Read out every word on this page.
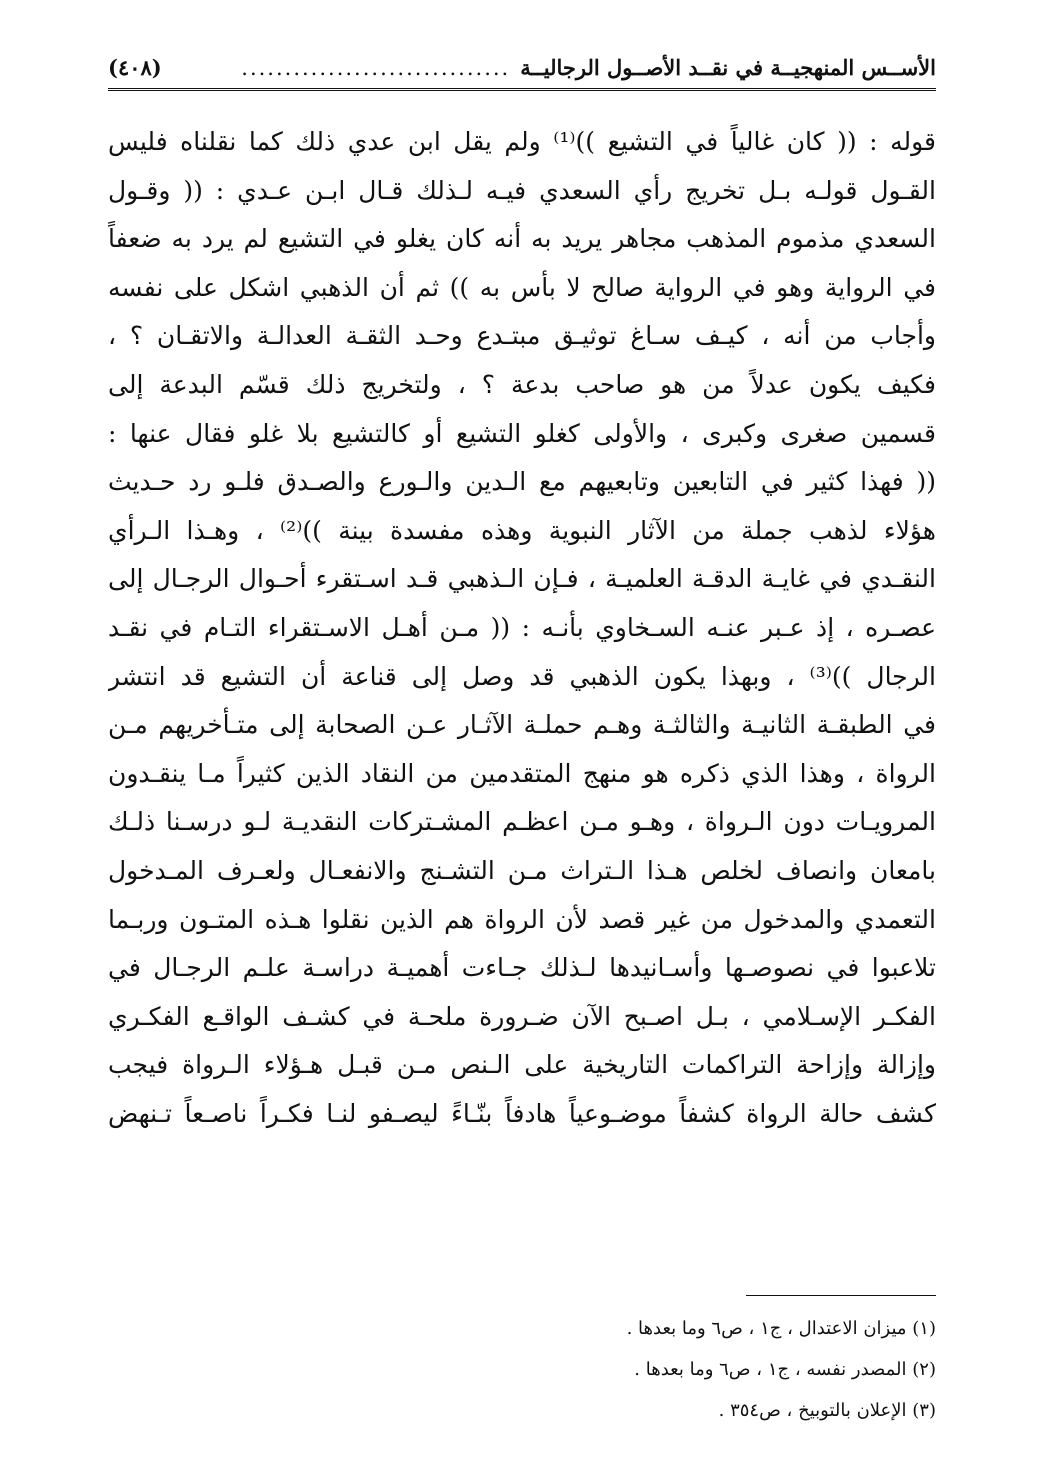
الأســس المنهجيــة في نقــد الأصــول الرجاليــة
...............................
(٤٠٨)
قوله : (( كان غالياً في التشيع ))⁽¹⁾ ولم يقل ابن عدي ذلك كما نقلناه فليس
القـول قولـه بـل تخريج رأي السعدي فيـه لـذلك قـال ابـن عـدي : (( وقـول
السعدي مذموم المذهب مجاهر يريد به أنه كان يغلو في التشيع لم يرد به ضعفاً
في الرواية وهو في الرواية صالح لا بأس به )) ثم أن الذهبي اشكل على نفسه
وأجاب من أنه ، كيـف سـاغ توثيـق مبتـدع وحـد الثقـة العدالـة والاتقـان ؟ ،
فكيف يكون عدلاً من هو صاحب بدعة ؟ ، ولتخريج ذلك قسّم البدعة إلى
قسمين صغرى وكبرى ، والأولى كغلو التشيع أو كالتشيع بلا غلو فقال عنها :
(( فهذا كثير في التابعين وتابعيهم مع الـدين والـورع والصـدق فلـو رد حـديث
هؤلاء لذهب جملة من الآثار النبوية وهذه مفسدة بينة ))⁽²⁾ ، وهـذا الـرأي
النقـدي في غايـة الدقـة العلميـة ، فـإن الـذهبي قـد اسـتقرء أحـوال الرجـال إلى
عصـره ، إذ عـبر عنـه السـخاوي بأنـه : (( مـن أهـل الاسـتقراء التـام في نقـد
الرجال ))⁽³⁾ ، وبهذا يكون الذهبي قد وصل إلى قناعة أن التشيع قد انتشر
في الطبقـة الثانيـة والثالثـة وهـم حملـة الآثـار عـن الصحابة إلى متـأخريهم مـن
الرواة ، وهذا الذي ذكره هو منهج المتقدمين من النقاد الذين كثيراً مـا ينقـدون
المرويـات دون الـرواة ، وهـو مـن اعظـم المشـتركات النقديـة لـو درسـنا ذلـك
بامعان وانصاف لخلص هـذا الـتراث مـن التشـنج والانفعـال ولعـرف المـدخول
التعمدي والمدخول من غير قصد لأن الرواة هم الذين نقلوا هـذه المتـون وربـما
تلاعبوا في نصوصـها وأسـانيدها لـذلك جـاءت أهميـة دراسـة علـم الرجـال في
الفكـر الإسـلامي ، بـل اصـبح الآن ضـرورة ملحـة في كشـف الواقـع الفكـري
وإزالة وإزاحة التراكمات التاريخية على الـنص مـن قبـل هـؤلاء الـرواة فيجب
كشف حالة الرواة كشفاً موضـوعياً هادفاً بنّـاءً ليصـفو لنـا فكـراً ناصـعاً تـنهض
(١) ميزان الاعتدال ، ج١ ، ص٦ وما بعدها .
(٢) المصدر نفسه ، ج١ ، ص٦ وما بعدها .
(٣) الإعلان بالتوبيخ ، ص٣٥٤ .
